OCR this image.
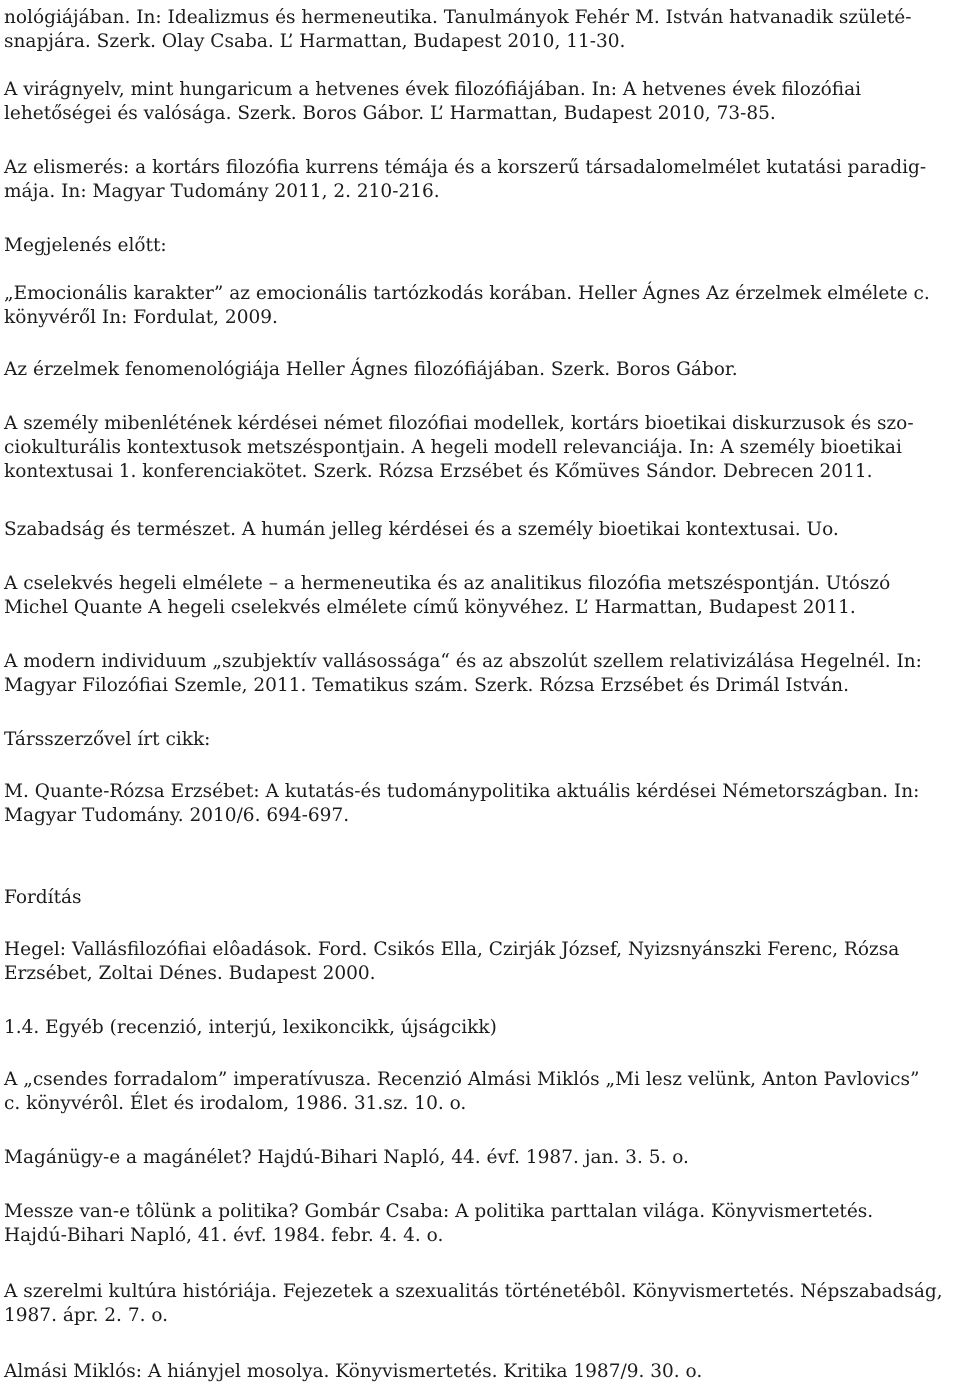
nológiájában. In: Idealizmus és hermeneutika. Tanulmányok Fehér M. István hatvanadik születé-
snapjára. Szerk. Olay Csaba. L’ Harmattan, Budapest 2010, 11-30.
A virágnyelv, mint hungaricum a hetvenes évek filozófiájában. In: A hetvenes évek filozófiai
lehetőségei és valósága. Szerk. Boros Gábor. L’ Harmattan, Budapest 2010, 73-85.
Az elismerés: a kortárs filozófia kurrens témája és a korszerű társadalomelmélet kutatási paradig-
mája. In: Magyar Tudomány 2011, 2. 210-216.
Megjelenés előtt:
„Emocionális karakter” az emocionális tartózkodás korában. Heller Ágnes Az érzelmek elmélete c.
könyvéről In: Fordulat, 2009.
Az érzelmek fenomenológiája Heller Ágnes filozófiájában. Szerk. Boros Gábor.
A személy mibenlétének kérdései német filozófiai modellek, kortárs bioetikai diskurzusok és szo-
ciokulturális kontextusok metszéspontjain. A hegeli modell relevanciája. In: A személy bioetikai
kontextusai 1. konferenciakötet. Szerk. Rózsa Erzsébet és Kőmüves Sándor. Debrecen 2011.
Szabadság és természet. A humán jelleg kérdései és a személy bioetikai kontextusai. Uo.
A cselekvés hegeli elmélete – a hermeneutika és az analitikus filozófia metszéspontján. Utószó
Michel Quante A hegeli cselekvés elmélete című könyvéhez. L’ Harmattan, Budapest 2011.
A modern individuum „szubjektív vallásossága“ és az abszolút szellem relativizálása Hegelnél. In:
Magyar Filozófiai Szemle, 2011. Tematikus szám. Szerk. Rózsa Erzsébet és Drimál István.
Társszerzővel írt cikk:
M. Quante-Rózsa Erzsébet: A kutatás-és tudománypolitika aktuális kérdései Németországban. In:
Magyar Tudomány. 2010/6. 694-697.
Fordítás
Hegel: Vallásfilozófiai elôadások. Ford. Csikós Ella, Czirják József, Nyizsnyánszki Ferenc, Rózsa
Erzsébet, Zoltai Dénes. Budapest 2000.
1.4. Egyéb (recenzió, interjú, lexikoncikk, újságcikk)
A „csendes forradalom” imperatívusza. Recenzió Almási Miklós „Mi lesz velünk, Anton Pavlovics”
c. könyvérôl. Élet és irodalom, 1986. 31.sz. 10. o.
Magánügy-e a magánélet? Hajdú-Bihari Napló, 44. évf. 1987. jan. 3. 5. o.
Messze van-e tôlünk a politika? Gombár Csaba: A politika parttalan világa. Könyvismertetés.
Hajdú-Bihari Napló, 41. évf. 1984. febr. 4. 4. o.
A szerelmi kultúra históriája. Fejezetek a szexualitás történetébôl. Könyvismertetés. Népszabadság,
1987. ápr. 2. 7. o.
Almási Miklós: A hiányjel mosolya. Könyvismertetés. Kritika 1987/9. 30. o.
